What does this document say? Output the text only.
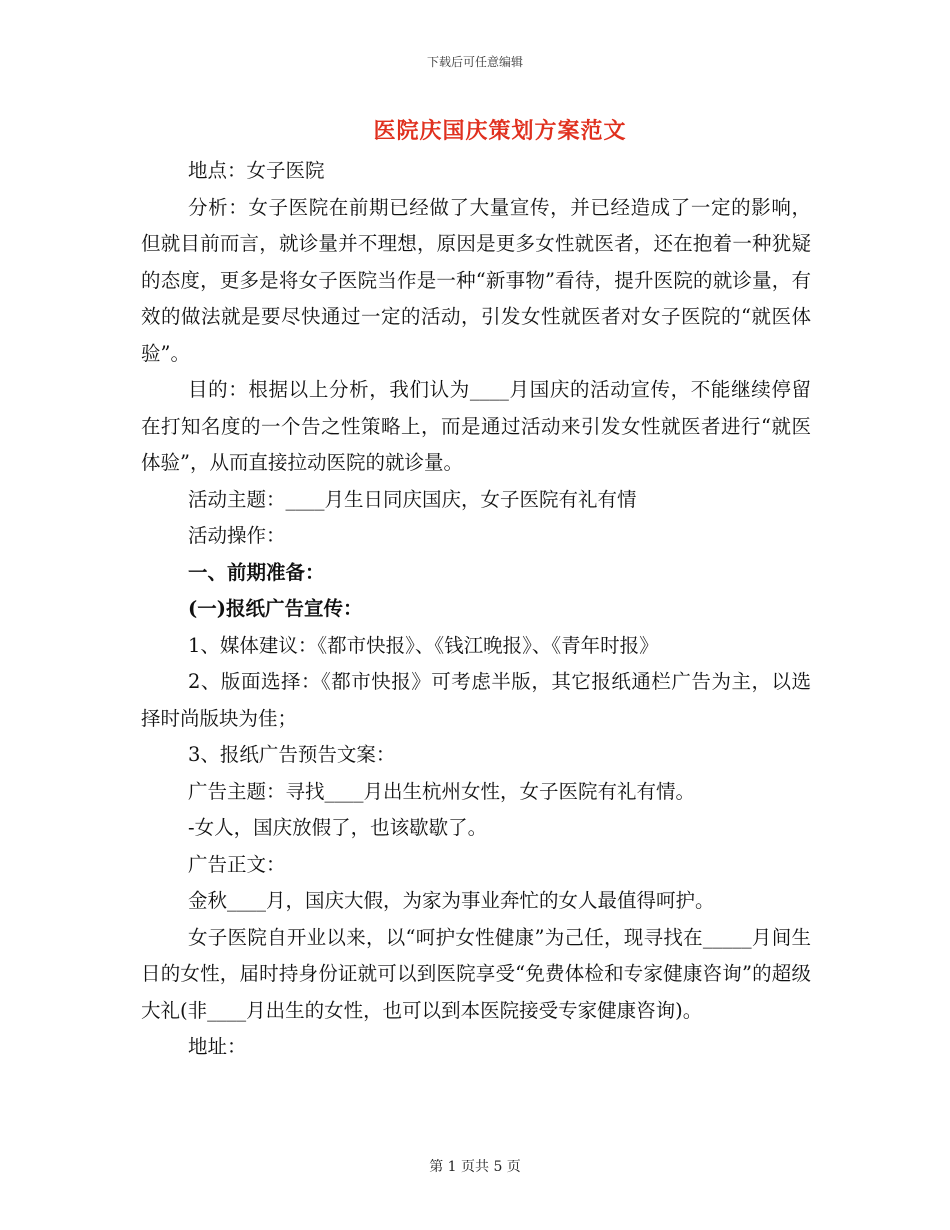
下载后可任意编辑
医院庆国庆策划方案范文

地点：女子医院

分析：女子医院在前期已经做了大量宣传，并已经造成了一定的影响，但就目前而言，就诊量并不理想，原因是更多女性就医者，还在抱着一种犹疑的态度，更多是将女子医院当作是一种“新事物”看待，提升医院的就诊量，有效的做法就是要尽快通过一定的活动，引发女性就医者对女子医院的“就医体验”。

目的：根据以上分析，我们认为____月国庆的活动宣传，不能继续停留在打知名度的一个告之性策略上，而是通过活动来引发女性就医者进行“就医体验”，从而直接拉动医院的就诊量。

活动主题：____月生日同庆国庆，女子医院有礼有情

活动操作：

一、前期准备：

(一)报纸广告宣传：

1、媒体建议：《都市快报》、《钱江晚报》、《青年时报》

2、版面选择：《都市快报》可考虑半版，其它报纸通栏广告为主，以选择时尚版块为佳；

3、报纸广告预告文案：

广告主题：寻找____月出生杭州女性，女子医院有礼有情。

-女人，国庆放假了，也该歇歇了。

广告正文：

金秋____月，国庆大假，为家为事业奔忙的女人最值得呵护。

女子医院自开业以来，以“呵护女性健康”为己任，现寻找在_____月间生日的女性，届时持身份证就可以到医院享受“免费体检和专家健康咨询”的超级大礼(非____月出生的女性，也可以到本医院接受专家健康咨询)。

地址：

第 1 页共 5 页
